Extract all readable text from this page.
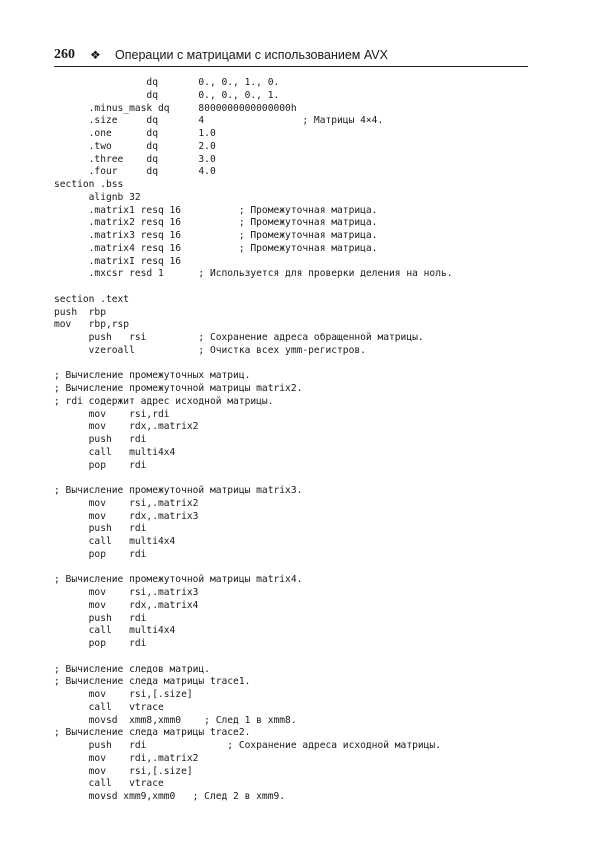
260 ❖ Операции с матрицами с использованием AVX
dq       0., 0., 1., 0.
dq       0., 0., 0., 1.
.minus_mask dq     8000000000000000h
.size     dq       4                 ; Матрицы 4×4.
.one      dq       1.0
.two      dq       2.0
.three    dq       3.0
.four     dq       4.0
section .bss
alignb 32
.matrix1 resq 16          ; Промежуточная матрица.
.matrix2 resq 16          ; Промежуточная матрица.
.matrix3 resq 16          ; Промежуточная матрица.
.matrix4 resq 16          ; Промежуточная матрица.
.matrixI resq 16
.mxcsr resd 1      ; Используется для проверки деления на ноль.
section .text
push  rbp
mov   rbp,rsp
push   rsi         ; Сохранение адреса обращенной матрицы.
vzeroall           ; Очистка всех ymm-регистров.
; Вычисление промежуточных матриц.
; Вычисление промежуточной матрицы matrix2.
; rdi содержит адрес исходной матрицы.
mov    rsi,rdi
mov    rdx,.matrix2
push   rdi
call   multi4x4
pop    rdi
; Вычисление промежуточной матрицы matrix3.
mov    rsi,.matrix2
mov    rdx,.matrix3
push   rdi
call   multi4x4
pop    rdi
; Вычисление промежуточной матрицы matrix4.
mov    rsi,.matrix3
mov    rdx,.matrix4
push   rdi
call   multi4x4
pop    rdi
; Вычисление следов матриц.
; Вычисление следа матрицы trace1.
mov    rsi,[.size]
call   vtrace
movsd  xmm8,xmm0    ; След 1 в xmm8.
; Вычисление следа матрицы trace2.
push   rdi              ; Сохранение адреса исходной матрицы.
mov    rdi,.matrix2
mov    rsi,[.size]
call   vtrace
movsd xmm9,xmm0   ; След 2 в xmm9.
